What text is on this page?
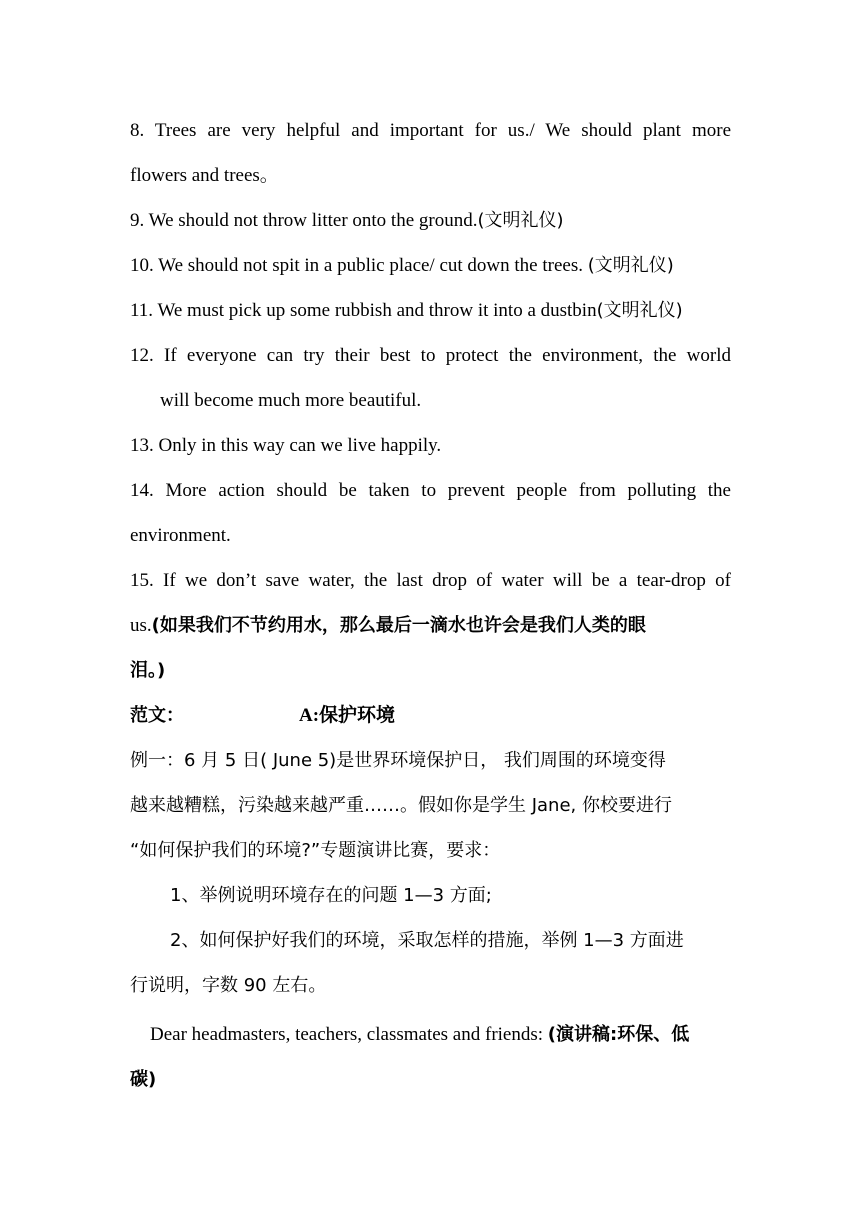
8. Trees are very helpful and important for us./ We should plant more
flowers and trees。
9. We should not throw litter onto the ground.(文明礼仪)
10. We should not spit in a public place/ cut down the trees. (文明礼仪)
11. We must pick up some rubbish and throw it into a dustbin(文明礼仪)
12. If everyone can try their best to protect the environment, the world
will become much more beautiful.
13. Only in this way can we live happily.
14. More action should be taken to prevent people from polluting the
environment.
15. If we don’t save water, the last drop of water will be a tear-drop of
us.(如果我们不节约用水，那么最后一滴水也许会是我们人类的眼
泪。)
范文：	A:保护环境
例一：6 月 5 日( June 5)是世界环境保护日， 我们周围的环境变得
越来越糟糕，污染越来越严重……。假如你是学生 Jane, 你校要进行
“如何保护我们的环境?”专题演讲比赛，要求：
1、举例说明环境存在的问题 1—3 方面;
2、如何保护好我们的环境，采取怎样的措施，举例 1—3 方面进
行说明，字数 90 左右。
Dear headmasters, teachers, classmates and friends: (演讲稿:环保、低
碳)
